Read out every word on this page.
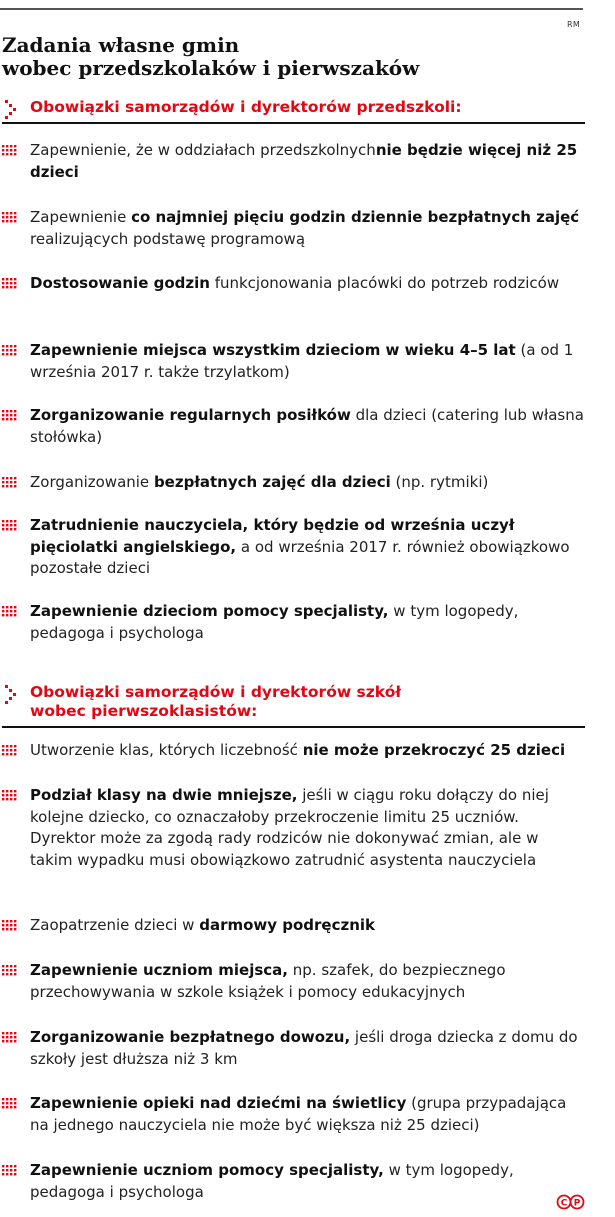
RM
Zadania własne gmin
wobec przedszkolaków i pierwszaków
Obowiązki samorządów i dyrektorów przedszkoli:
Zapewnienie, że w oddziałach przedszkolnychnie będzie więcej niż 25 dzieci
Zapewnienie co najmniej pięciu godzin dziennie bezpłatnych zajęć realizujących podstawę programową
Dostosowanie godzin funkcjonowania placówki do potrzeb rodziców
Zapewnienie miejsca wszystkim dzieciom w wieku 4–5 lat (a od 1 września 2017 r. także trzylatkom)
Zorganizowanie regularnych posiłków dla dzieci (catering lub własna stołówka)
Zorganizowanie bezpłatnych zajęć dla dzieci (np. rytmiki)
Zatrudnienie nauczyciela, który będzie od września uczył pięciolatki angielskiego, a od września 2017 r. również obowiązkowo pozostałe dzieci
Zapewnienie dzieciom pomocy specjalisty, w tym logopedy, pedagoga i psychologa
Obowiązki samorządów i dyrektorów szkół
wobec pierwszoklasistów:
Utworzenie klas, których liczebność nie może przekroczyć 25 dzieci
Podział klasy na dwie mniejsze, jeśli w ciągu roku dołączy do niej kolejne dziecko, co oznaczałoby przekroczenie limitu 25 uczniów. Dyrektor może za zgodą rady rodziców nie dokonywać zmian, ale w takim wypadku musi obowiązkowo zatrudnić asystenta nauczyciela
Zaopatrzenie dzieci w darmowy podręcznik
Zapewnienie uczniom miejsca, np. szafek, do bezpiecznego przechowywania w szkole książek i pomocy edukacyjnych
Zorganizowanie bezpłatnego dowozu, jeśli droga dziecka z domu do szkoły jest dłuższa niż 3 km
Zapewnienie opieki nad dziećmi na świetlicy (grupa przypadająca na jednego nauczyciela nie może być większa niż 25 dzieci)
Zapewnienie uczniom pomocy specjalisty, w tym logopedy, pedagoga i psychologa
C P
